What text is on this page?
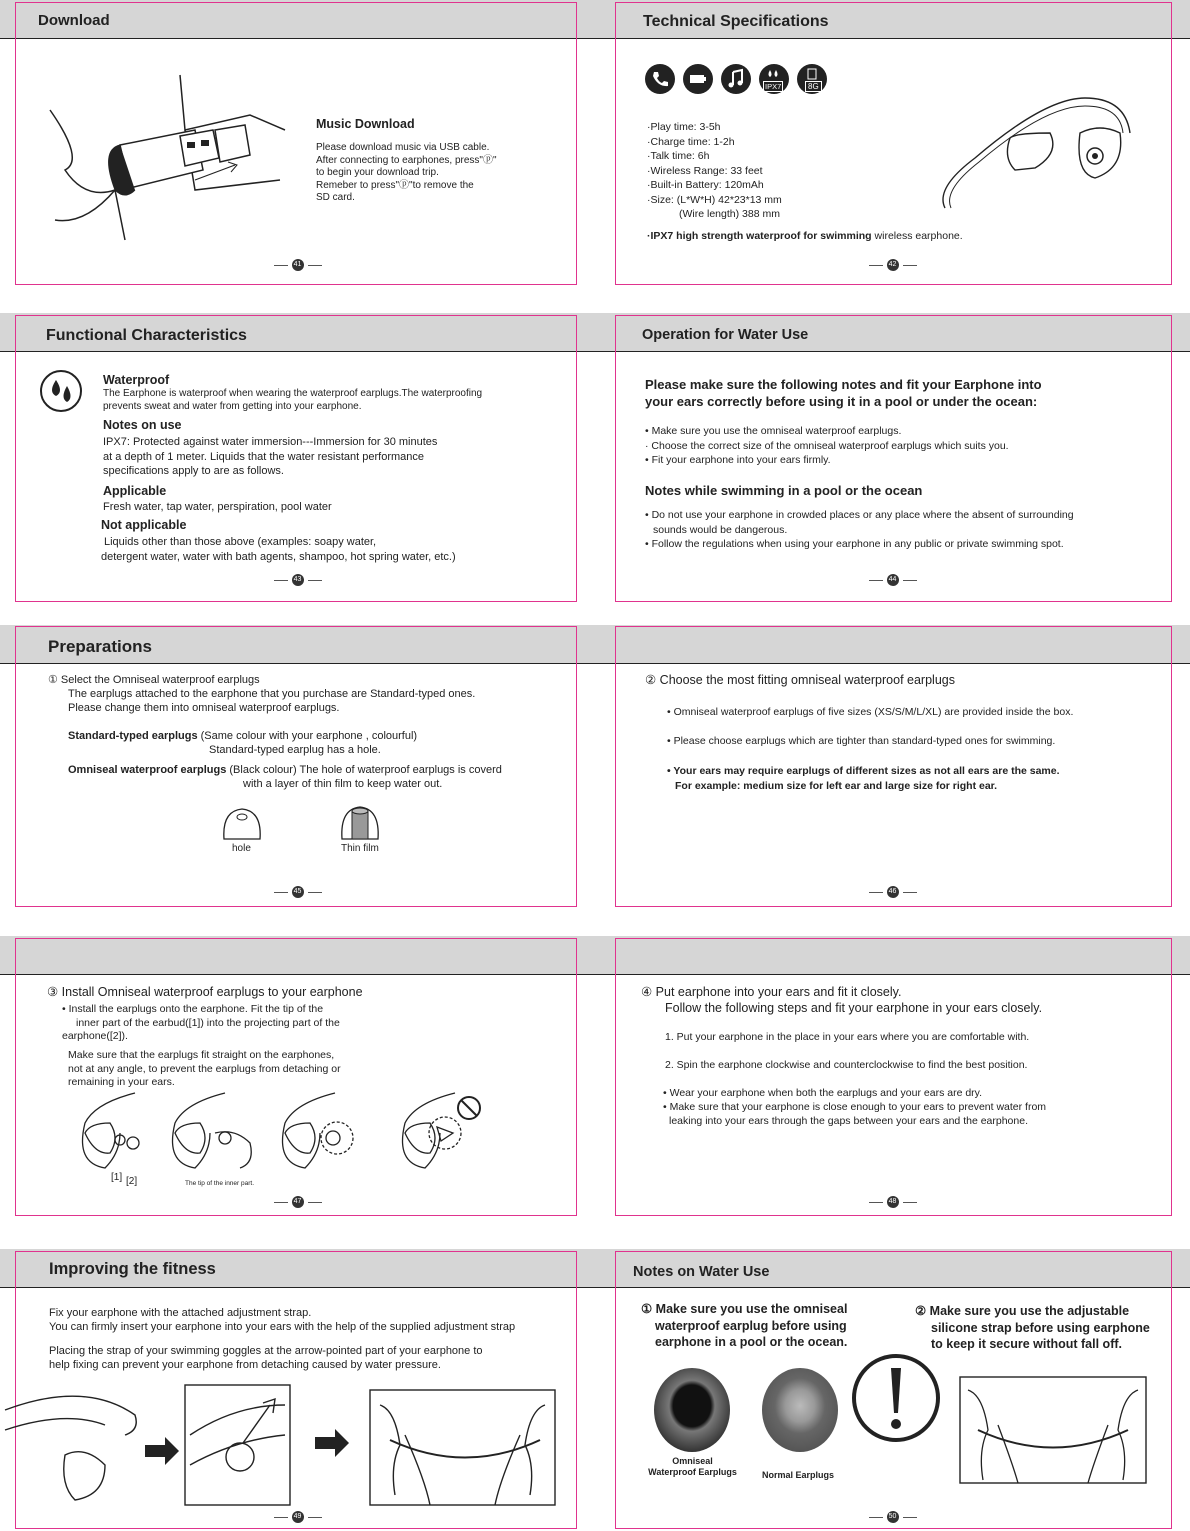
Download
Music Download
Please download music via USB cable.
After connecting to earphones, press"ⓟ"
to begin your download trip.
Remeber to press"ⓟ"to remove the
SD card.
41
Technical Specifications
IPX7	8G
·Play time: 3-5h
·Charge time: 1-2h
·Talk time: 6h
·Wireless Range: 33 feet
·Built-in Battery: 120mAh
·Size: (L*W*H) 42*23*13 mm
(Wire length) 388 mm
·IPX7 high strength waterproof for swimming wireless earphone.
42
Functional Characteristics
Waterproof
The Earphone is waterproof when wearing the waterproof earplugs.The waterproofing
prevents sweat and water from getting into your earphone.
Notes on use
IPX7: Protected against water immersion---Immersion for 30 minutes
at a depth of 1 meter. Liquids that the water resistant performance
specifications apply to are as follows.
Applicable
Fresh water, tap water, perspiration, pool water
Not applicable
Liquids other than those above (examples: soapy water,
detergent water, water with bath agents, shampoo, hot spring water, etc.)
43
Operation for Water Use
Please make sure the following notes and fit your Earphone into
your ears correctly before using it in a pool or under the ocean:
• Make sure you use the omniseal waterproof earplugs.
· Choose the correct size of the omniseal waterproof earplugs which suits you.
• Fit your earphone into your ears firmly.
Notes while swimming in a pool or the ocean
• Do not use your earphone in crowded places or any place where the absent of surrounding
sounds would be dangerous.
• Follow the regulations when using your earphone in any public or private swimming spot.
44
Preparations
① Select the Omniseal waterproof earplugs
The earplugs attached to the earphone that you purchase are Standard-typed ones.
Please change them into omniseal waterproof earplugs.
Standard-typed earplugs (Same colour with your earphone , colourful)
Standard-typed earplug has a hole.
Omniseal waterproof earplugs (Black colour) The hole of waterproof earplugs is coverd
with a layer of thin film to keep water out.
hole	Thin film
45
② Choose the most fitting omniseal waterproof earplugs
• Omniseal waterproof earplugs of five sizes (XS/S/M/L/XL) are provided inside the box.
• Please choose earplugs which are tighter than standard-typed ones for swimming.
• Your ears may require earplugs of different sizes as not all ears are the same.
For example: medium size for left ear and large size for right ear.
46
③ Install Omniseal waterproof earplugs to your earphone
• Install the earplugs onto the earphone. Fit the tip of the
inner part of the earbud([1]) into the projecting part of the
earphone([2]).
Make sure that the earplugs fit straight on the earphones,
not at any angle, to prevent the earplugs from detaching or
remaining in your ears.
[1] [2]	The tip of the inner part.
47
④ Put earphone into your ears and fit it closely.
Follow the following steps and fit your earphone in your ears closely.
1. Put your earphone in the place in your ears where you are comfortable with.
2. Spin the earphone clockwise and counterclockwise to find the best position.
• Wear your earphone when both the earplugs and your ears are dry.
• Make sure that your earphone is close enough to your ears to prevent water from
leaking into your ears through the gaps between your ears and the earphone.
48
Improving the fitness
Fix your earphone with the attached adjustment strap.
You can firmly insert your earphone into your ears with the help of the supplied adjustment strap
Placing the strap of your swimming goggles at the arrow-pointed part of your earphone to
help fixing can prevent your earphone from detaching caused by water pressure.
49
Notes on Water Use
① Make sure you use the omniseal
waterproof earplug before using
earphone in a pool or the ocean.
② Make sure you use the adjustable
silicone strap before using earphone
to keep it secure without fall off.
Omniseal
Waterproof Earplugs	Normal Earplugs
50
